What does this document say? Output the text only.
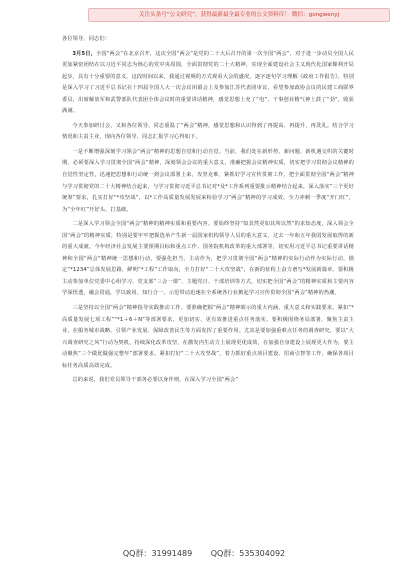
关注头条号“公文研究”，获得最新最全最专业的公文资料库！ 微信：gongwenyj

各位领导、同志们：

3月5日，全国“两会”在北京召开，这次全国“两会”是党的二十大后召开的第一次全国“两会”，对于进一步动员全国人民更加紧密团结在以习近平同志为核心的党中央周围，全面贯彻党的二十大精神，实现全面建设社会主义现代化国家顺利开局起步，具有十分重要的意义。这段时间以来，我通过视频的方式观看大会的盛况，逐字逐句学习理解《政府工作报告》，特别是深入学习了习近平总书记在十四届全国人大一次会议闭幕会上及参加江苏代表团审议，看望参加政协会议的民建工商联界委员，出席解放军和武警部队代表团全体会议时的重要讲话精神，感觉思想上充了“电”，干事创业精气神上鼓了“劲”，收获满满。

今天参加研讨会，又和各位领导、同志重温了“两会”精神，感觉思想和认识得到了再提高、再提升、再洗礼。结合学习情况和主责主业，现向各位领导、同志汇报学习心得如下。

一是不断增强深刻学习领会“两会”精神的思想自觉和行动自觉。当前，我们处在新形势、新问题、新机遇交织的关键时期，必须要深入学习贯彻全国“两会”精神，深刻领会会议的重大意义，准确把握会议精神实质，切实把学习贯彻会议精神的自觉性坚定性，迅速把思想和行动统一到会议部署上来，攻坚克难，紧抓好学习宣传贯彻工作，把全面贯彻全国“两会”精神与学习贯彻党的二十大精神结合起来，与学习贯彻习近平总书记对*及*工作系列重要批示精神结合起来，深入落实“三个更好统筹”要求，扎实打好“*攻坚战”，以*工作高质量发展发展来检验学习“两会”精神的学习成效，全力冲刺一季度“开门红”，为“全年红”开好头、打基础。

二是深入学习领会全国“两会”精神的精神实质和重要内容。要始终坚持“如其然更如其所以然”的求知态度，深入领会全国“两会”的精神实质，特别是要牢牢把握选举产生新一届国家机构领导人员的重大意义、过去一年和五年我国发展取得的新的重大成就、今年经济社会发展主要预期目标和重点工作、国务院机构改革的重大部署等，切实用习近平总书记重要讲话精神和全国“两会”精神统一思想和行动，要强化担当、主动作为，把学习贯彻全国“两会”精神的实际行动作为实际行动，锚定“*1234”总体发展思路，鲜明“*工程”工作取向，全力打好“二十大攻坚战”，在新的征程上奋力谱写*发展新篇章。要积极主动参加单位党委中心组学习、党支部“三会一课”、主题党日、干部培训等方式，切实把全国“两会”的精神实质和主要内容学深悟透、融会贯通，学以致用、知行合一，示范带动迅速在全系统各行业掀起学习宣传贯彻全国“两会”精神的热潮。

三是坚持以全国“两会”精神指导实践推动工作。要准确把握“两会”精神昭示的重大内涵、重大意义和实践要求，紧扣“*高质量发展七项工程”“*1＋6＋N”等部署要求，更加切实、更有效推进重点任务落实。要积极围绕务局部署，聚焦主责主业，在服务城市战略、引领产业发展、保障改善民生等方面发挥了重要作用。尤其是要加强重难点任务的调查研究，要以“大兴调查研究之风”行动为契机，持续深化改革攻坚，在激发内生动力上展现更优成效，在加强自身建设上展现更大作为，要主动聚焦“三个做优做强完整年”部署要求，紧扣打好“二十大攻坚战”，着力抓好重点项目建设、招商引智等工作，确保各项目标任务高质高效完成。

总的来说，我们党员领导干部务必要以身作则，在深入学习全国“两会”

QQ群：31991489 QQ群：535304092
